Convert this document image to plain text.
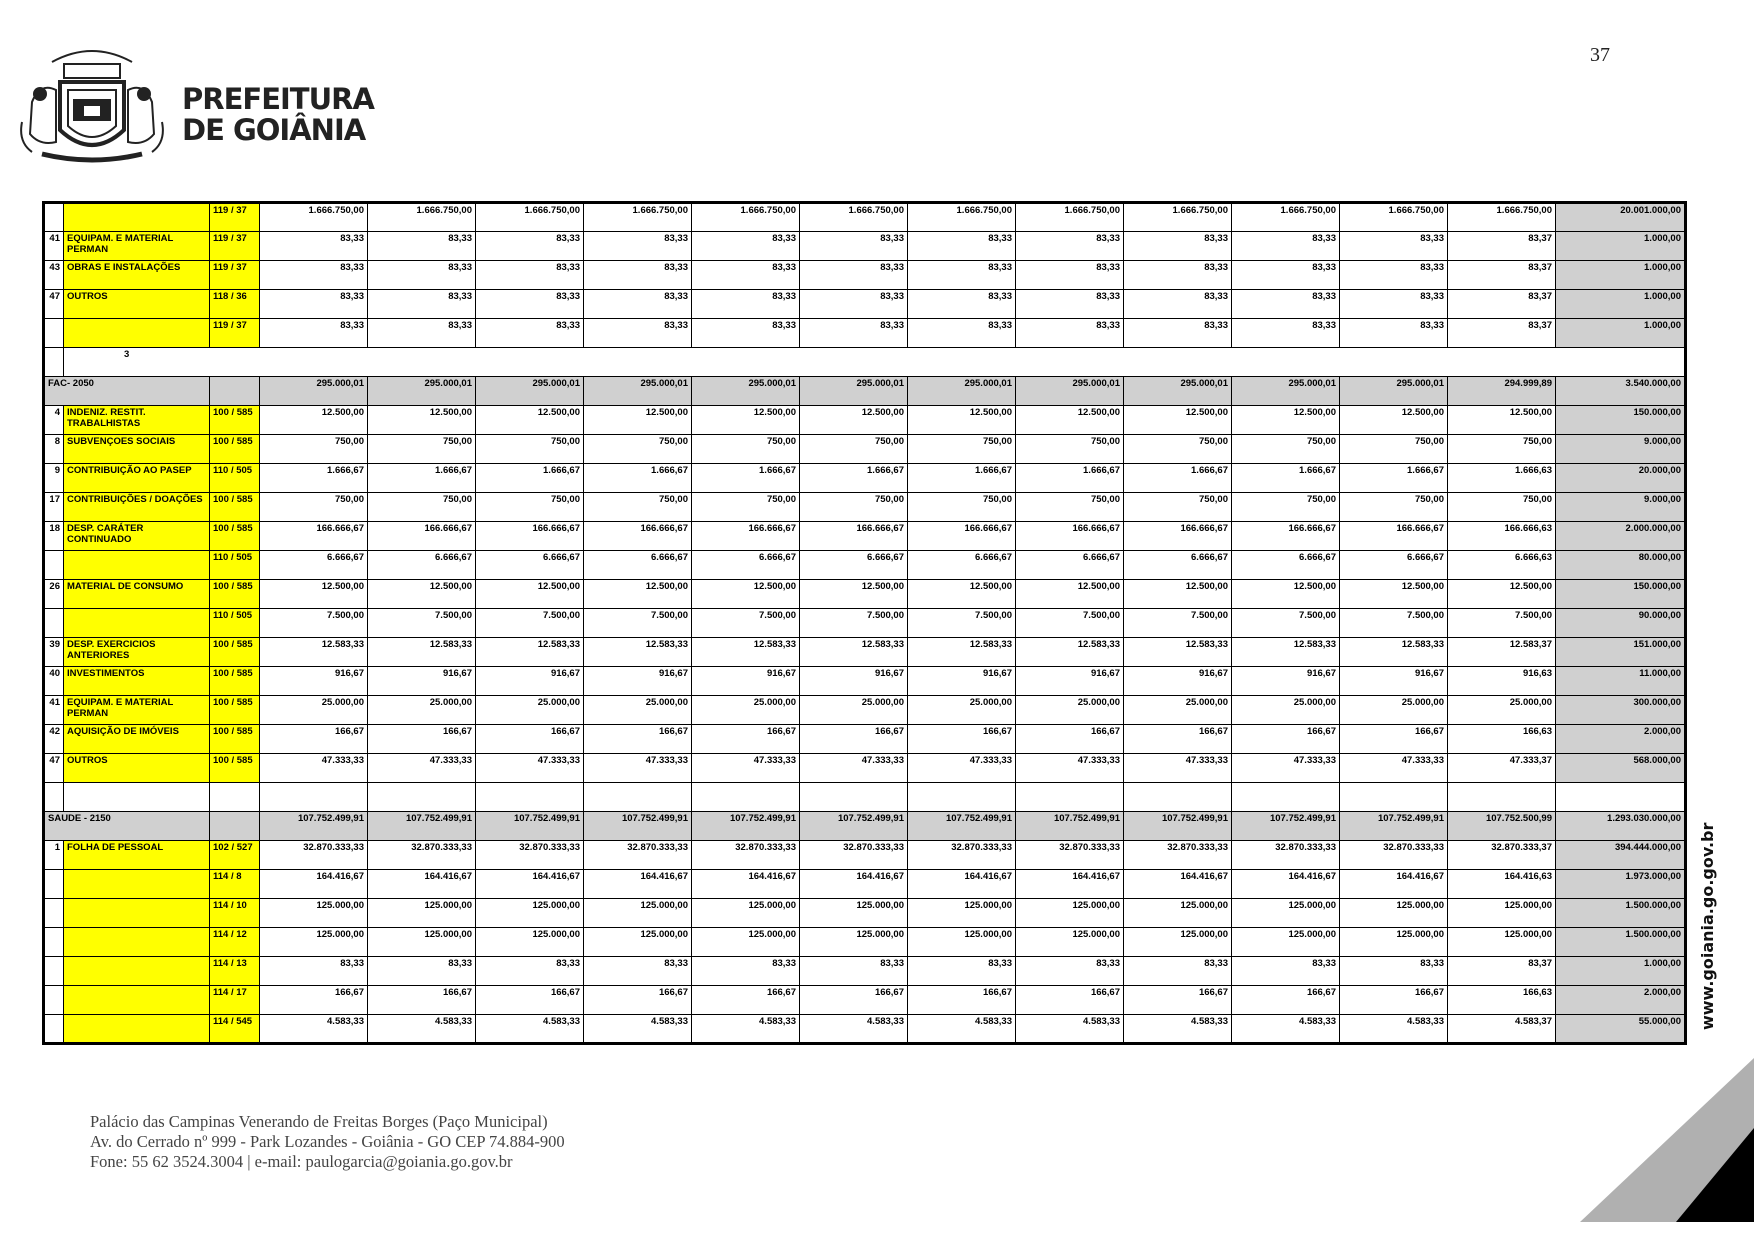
37
PREFEITURA
DE GOIÂNIA
		119 / 37	1.666.750,00	1.666.750,00	1.666.750,00	1.666.750,00	1.666.750,00	1.666.750,00	1.666.750,00	1.666.750,00	1.666.750,00	1.666.750,00	1.666.750,00	1.666.750,00	20.001.000,00
41	EQUIPAM. E MATERIAL PERMAN	119 / 37	83,33	83,33	83,33	83,33	83,33	83,33	83,33	83,33	83,33	83,33	83,33	83,37	1.000,00
43	OBRAS E INSTALAÇÕES	119 / 37	83,33	83,33	83,33	83,33	83,33	83,33	83,33	83,33	83,33	83,33	83,33	83,37	1.000,00
47	OUTROS	118 / 36	83,33	83,33	83,33	83,33	83,33	83,33	83,33	83,33	83,33	83,33	83,33	83,37	1.000,00
		119 / 37	83,33	83,33	83,33	83,33	83,33	83,33	83,33	83,33	83,33	83,33	83,33	83,37	1.000,00
	3														
FAC- 2050			295.000,01	295.000,01	295.000,01	295.000,01	295.000,01	295.000,01	295.000,01	295.000,01	295.000,01	295.000,01	295.000,01	294.999,89	3.540.000,00
4	INDENIZ. RESTIT. TRABALHISTAS	100 / 585	12.500,00	12.500,00	12.500,00	12.500,00	12.500,00	12.500,00	12.500,00	12.500,00	12.500,00	12.500,00	12.500,00	12.500,00	150.000,00
8	SUBVENÇOES SOCIAIS	100 / 585	750,00	750,00	750,00	750,00	750,00	750,00	750,00	750,00	750,00	750,00	750,00	750,00	9.000,00
9	CONTRIBUIÇÃO AO PASEP	110 / 505	1.666,67	1.666,67	1.666,67	1.666,67	1.666,67	1.666,67	1.666,67	1.666,67	1.666,67	1.666,67	1.666,67	1.666,63	20.000,00
17	CONTRIBUIÇÕES / DOAÇÕES	100 / 585	750,00	750,00	750,00	750,00	750,00	750,00	750,00	750,00	750,00	750,00	750,00	750,00	9.000,00
18	DESP. CARÁTER CONTINUADO	100 / 585	166.666,67	166.666,67	166.666,67	166.666,67	166.666,67	166.666,67	166.666,67	166.666,67	166.666,67	166.666,67	166.666,67	166.666,63	2.000.000,00
		110 / 505	6.666,67	6.666,67	6.666,67	6.666,67	6.666,67	6.666,67	6.666,67	6.666,67	6.666,67	6.666,67	6.666,67	6.666,63	80.000,00
26	MATERIAL DE CONSUMO	100 / 585	12.500,00	12.500,00	12.500,00	12.500,00	12.500,00	12.500,00	12.500,00	12.500,00	12.500,00	12.500,00	12.500,00	12.500,00	150.000,00
		110 / 505	7.500,00	7.500,00	7.500,00	7.500,00	7.500,00	7.500,00	7.500,00	7.500,00	7.500,00	7.500,00	7.500,00	7.500,00	90.000,00
39	DESP. EXERCICIOS ANTERIORES	100 / 585	12.583,33	12.583,33	12.583,33	12.583,33	12.583,33	12.583,33	12.583,33	12.583,33	12.583,33	12.583,33	12.583,33	12.583,37	151.000,00
40	INVESTIMENTOS	100 / 585	916,67	916,67	916,67	916,67	916,67	916,67	916,67	916,67	916,67	916,67	916,67	916,63	11.000,00
41	EQUIPAM. E MATERIAL PERMAN	100 / 585	25.000,00	25.000,00	25.000,00	25.000,00	25.000,00	25.000,00	25.000,00	25.000,00	25.000,00	25.000,00	25.000,00	25.000,00	300.000,00
42	AQUISIÇÃO DE IMÓVEIS	100 / 585	166,67	166,67	166,67	166,67	166,67	166,67	166,67	166,67	166,67	166,67	166,67	166,63	2.000,00
47	OUTROS	100 / 585	47.333,33	47.333,33	47.333,33	47.333,33	47.333,33	47.333,33	47.333,33	47.333,33	47.333,33	47.333,33	47.333,33	47.333,37	568.000,00

SAUDE - 2150			107.752.499,91	107.752.499,91	107.752.499,91	107.752.499,91	107.752.499,91	107.752.499,91	107.752.499,91	107.752.499,91	107.752.499,91	107.752.499,91	107.752.499,91	107.752.500,99	1.293.030.000,00
1	FOLHA DE PESSOAL	102 / 527	32.870.333,33	32.870.333,33	32.870.333,33	32.870.333,33	32.870.333,33	32.870.333,33	32.870.333,33	32.870.333,33	32.870.333,33	32.870.333,33	32.870.333,33	32.870.333,37	394.444.000,00
		114 / 8	164.416,67	164.416,67	164.416,67	164.416,67	164.416,67	164.416,67	164.416,67	164.416,67	164.416,67	164.416,67	164.416,67	164.416,63	1.973.000,00
		114 / 10	125.000,00	125.000,00	125.000,00	125.000,00	125.000,00	125.000,00	125.000,00	125.000,00	125.000,00	125.000,00	125.000,00	125.000,00	1.500.000,00
		114 / 12	125.000,00	125.000,00	125.000,00	125.000,00	125.000,00	125.000,00	125.000,00	125.000,00	125.000,00	125.000,00	125.000,00	125.000,00	1.500.000,00
		114 / 13	83,33	83,33	83,33	83,33	83,33	83,33	83,33	83,33	83,33	83,33	83,33	83,37	1.000,00
		114 / 17	166,67	166,67	166,67	166,67	166,67	166,67	166,67	166,67	166,67	166,67	166,67	166,63	2.000,00
		114 / 545	4.583,33	4.583,33	4.583,33	4.583,33	4.583,33	4.583,33	4.583,33	4.583,33	4.583,33	4.583,33	4.583,33	4.583,37	55.000,00 www.goiania.go.gov.br
Palácio das Campinas Venerando de Freitas Borges (Paço Municipal)
Av. do Cerrado nº 999 - Park Lozandes - Goiânia - GO CEP 74.884-900
Fone: 55 62 3524.3004 | e-mail: paulogarcia@goiania.go.gov.br
